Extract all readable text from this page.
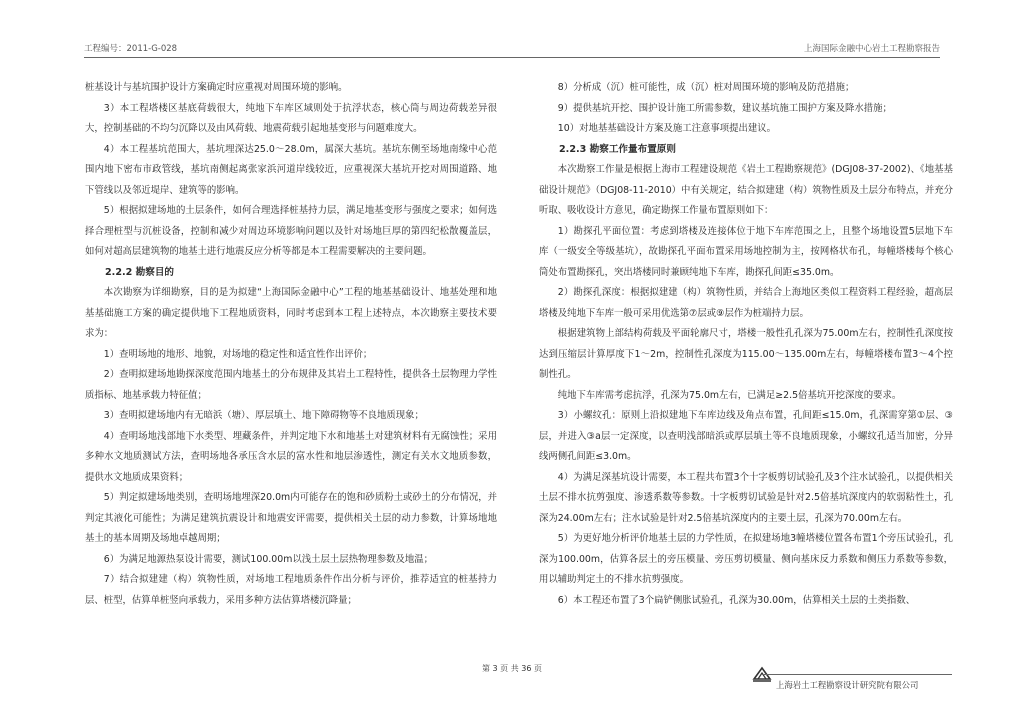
工程编号：2011-G-028	上海国际金融中心岩土工程勘察报告

桩基设计与基坑围护设计方案确定时应重视对周围环境的影响。

3）本工程塔楼区基底荷载很大，纯地下车库区域则处于抗浮状态，核心筒与周边荷载差异很大，控制基础的不均匀沉降以及由风荷载、地震荷载引起地基变形与问题难度大。

4）本工程基坑范围大，基坑埋深达25.0～28.0m，属深大基坑。基坑东侧至场地南缘中心范围内地下密布市政管线，基坑南侧起离张家浜河道岸线较近，应重视深大基坑开挖对周围道路、地下管线以及邻近堤岸、建筑等的影响。

5）根据拟建场地的土层条件，如何合理选择桩基持力层，满足地基变形与强度之要求；如何选择合理桩型与沉桩设备，控制和减少对周边环境影响问题以及针对场地巨厚的第四纪松散覆盖层，如何对超高层建筑物的地基土进行地震反应分析等都是本工程需要解决的主要问题。

2.2.2 勘察目的

本次勘察为详细勘察，目的是为拟建“上海国际金融中心”工程的地基基础设计、地基处理和地基基础施工方案的确定提供地下工程地质资料，同时考虑到本工程上述特点，本次勘察主要技术要求为：

1）查明场地的地形、地貌，对场地的稳定性和适宜性作出评价；

2）查明拟建场地勘探深度范围内地基土的分布规律及其岩土工程特性，提供各土层物理力学性质指标、地基承载力特征值；

3）查明拟建场地内有无暗浜（塘）、厚层填土、地下障碍物等不良地质现象；

4）查明场地浅部地下水类型、埋藏条件，并判定地下水和地基土对建筑材料有无腐蚀性；采用多种水文地质测试方法，查明场地各承压含水层的富水性和地层渗透性，测定有关水文地质参数，提供水文地质成果资料；

5）判定拟建场地类别，查明场地埋深20.0m内可能存在的饱和砂质粉土或砂土的分布情况，并判定其液化可能性；为满足建筑抗震设计和地震安评需要，提供相关土层的动力参数，计算场地地基土的基本周期及场地卓越周期；

6）为满足地源热泵设计需要，测试100.00m以浅土层土层热物理参数及地温；

7）结合拟建建（构）筑物性质，对场地工程地质条件作出分析与评价，推荐适宜的桩基持力层、桩型，估算单桩竖向承载力，采用多种方法估算塔楼沉降量；

8）分析成（沉）桩可能性，成（沉）桩对周围环境的影响及防范措施；

9）提供基坑开挖、围护设计施工所需参数，建议基坑施工围护方案及降水措施；

10）对地基基础设计方案及施工注意事项提出建议。

2.2.3 勘察工作量布置原则

本次勘察工作量是根据上海市工程建设规范《岩土工程勘察规范》(DGJ08-37-2002)、《地基基础设计规范》（DGJ08-11-2010）中有关规定，结合拟建建（构）筑物性质及土层分布特点，并充分听取、吸收设计方意见，确定勘探工作量布置原则如下：

1）勘探孔平面位置：考虑到塔楼及连接体位于地下车库范围之上，且整个场地设置5层地下车库（一级安全等级基坑），故勘探孔平面布置采用场地控制为主，按网格状布孔，每幢塔楼每个核心筒处布置勘探孔，突出塔楼同时兼顾纯地下车库，勘探孔间距≤35.0m。

2）勘探孔深度：根据拟建建（构）筑物性质，并结合上海地区类似工程资料工程经验，超高层塔楼及纯地下车库一般可采用优选第⑦层或⑨层作为桩端持力层。

根据建筑物上部结构荷载及平面轮廓尺寸，塔楼一般性孔孔深为75.00m左右，控制性孔深度按达到压缩层计算厚度下1～2m，控制性孔深度为115.00～135.00m左右，每幢塔楼布置3～4个控制性孔。

纯地下车库需考虑抗浮，孔深为75.0m左右，已满足≥2.5倍基坑开挖深度的要求。

3）小螺纹孔：原则上沿拟建地下车库边线及角点布置，孔间距≤15.0m，孔深需穿第①层、③层，并进入③a层一定深度，以查明浅部暗浜或厚层填土等不良地质现象，小螺纹孔适当加密，分异线两侧孔间距≤3.0m。

4）为满足深基坑设计需要，本工程共布置3个十字板剪切试验孔及3个注水试验孔，以提供相关土层不排水抗剪强度、渗透系数等参数。十字板剪切试验是针对2.5倍基坑深度内的软弱粘性土，孔深为24.00m左右；注水试验是针对2.5倍基坑深度内的主要土层，孔深为70.00m左右。

5）为更好地分析评价地基土层的力学性质，在拟建场地3幢塔楼位置各布置1个旁压试验孔，孔深为100.00m，估算各层土的旁压模量、旁压剪切模量、侧向基床反力系数和侧压力系数等参数，用以辅助判定土的不排水抗剪强度。

6）本工程还布置了3个扁铲侧胀试验孔，孔深为30.00m，估算相关土层的土类指数、

第 3 页 共 36 页
上海岩土工程勘察设计研究院有限公司
